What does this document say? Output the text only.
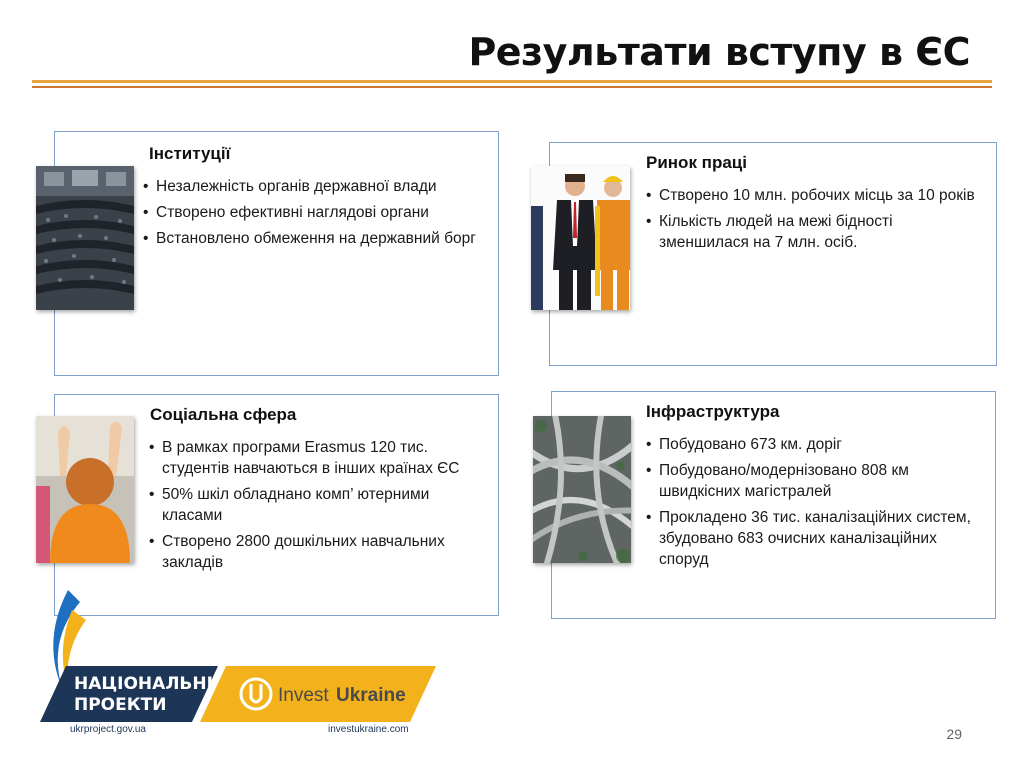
Результати вступу в ЄС
Інституції
• Незалежність органів державної влади
• Створено ефективні наглядові органи
• Встановлено обмеження на державний борг
Ринок праці
• Створено 10 млн. робочих місць за 10 років
• Кількість людей на межі бідності зменшилася на 7 млн. осіб.
Соціальна сфера
• В рамках програми Erasmus 120 тис. студентів навчаються в інших країнах ЄС
• 50% шкіл обладнано комп’ ютерними класами
• Створено 2800 дошкільних навчальних закладів
Інфраструктура
• Побудовано 673 км. доріг
• Побудовано/модернізовано 808 км швидкісних магістралей
• Прокладено 36 тис. каналізаційних систем, збудовано 683 очисних каналізаційних споруд
НАЦІОНАЛЬНІ
ПРОЕКТИ
ukrproject.gov.ua
Invest Ukraine
investukraine.com	29
